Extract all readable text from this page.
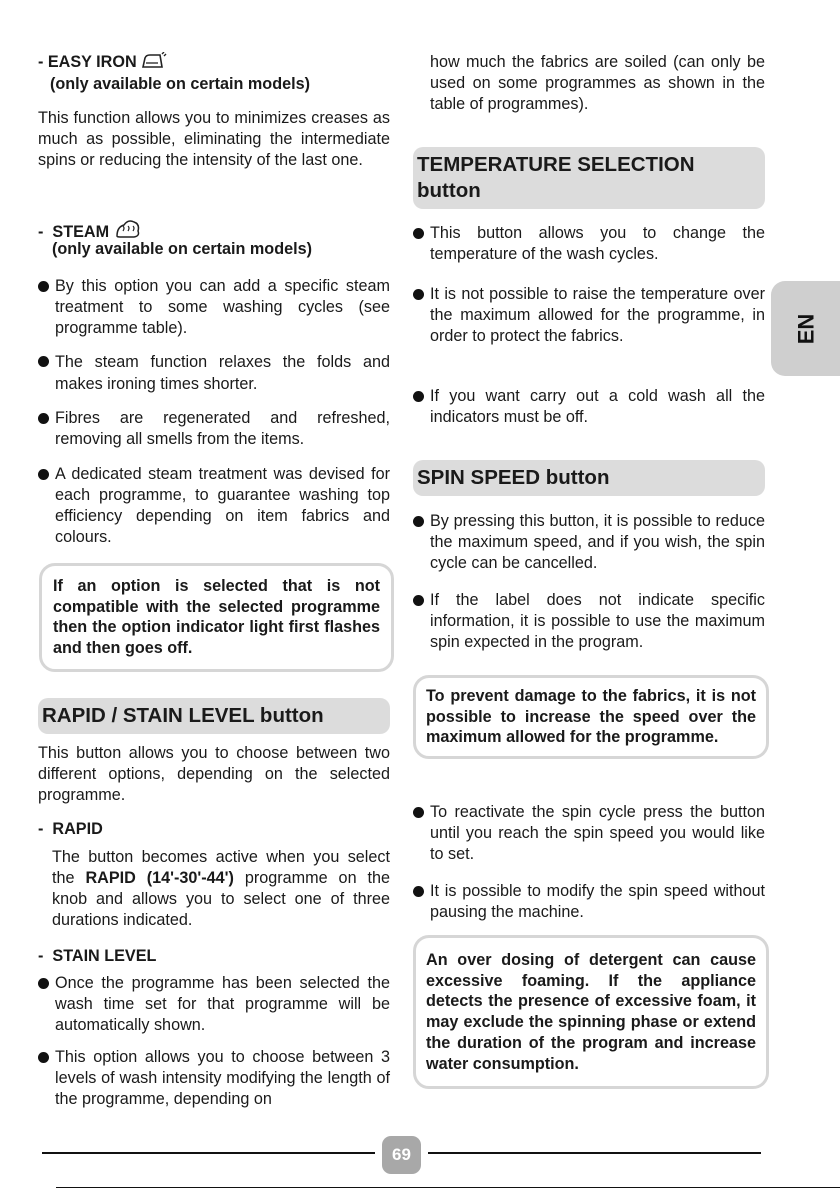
- EASY IRON
(only available on certain models)
This function allows you to minimizes creases as much as possible, eliminating the intermediate spins or reducing the intensity of the last one.
- STEAM
(only available on certain models)
By this option you can add a specific steam treatment to some washing cycles (see programme table).
The steam function relaxes the folds and makes ironing times shorter.
Fibres are regenerated and refreshed, removing all smells from the items.
A dedicated steam treatment was devised for each programme, to guarantee washing top efficiency depending on item fabrics and colours.
If an option is selected that is not compatible with the selected programme then the option indicator light first flashes and then goes off.
RAPID / STAIN LEVEL button
This button allows you to choose between two different options, depending on the selected programme.
-  RAPID
The button becomes active when you select the RAPID (14'-30'-44') programme on the knob and allows you to select one of three durations indicated.
-  STAIN LEVEL
Once the programme has been selected the wash time set for that programme will be automatically shown.
This option allows you to choose between 3 levels of wash intensity modifying the length of the programme, depending on
how much the fabrics are soiled (can only be used on some programmes as shown in the table of programmes).
TEMPERATURE SELECTION button
This button allows you to change the temperature of the wash cycles.
It is not possible to raise the temperature over the maximum allowed for the programme, in order to protect the fabrics.
If you want carry out a cold wash all the indicators must be off.
SPIN SPEED button
By pressing this button, it is possible to reduce the maximum speed, and if you wish, the spin cycle can be cancelled.
If the label does not indicate specific information, it is possible to use the maximum spin expected in the program.
To prevent damage to the fabrics, it is not possible to increase the speed over the maximum allowed for the programme.
To reactivate the spin cycle press the button until you reach the spin speed you would like to set.
It is possible to modify the spin speed without pausing the machine.
An over dosing of detergent can cause excessive foaming. If the appliance detects the presence of excessive foam, it may exclude the spinning phase or extend the duration of the program and increase water consumption.
EN
69
